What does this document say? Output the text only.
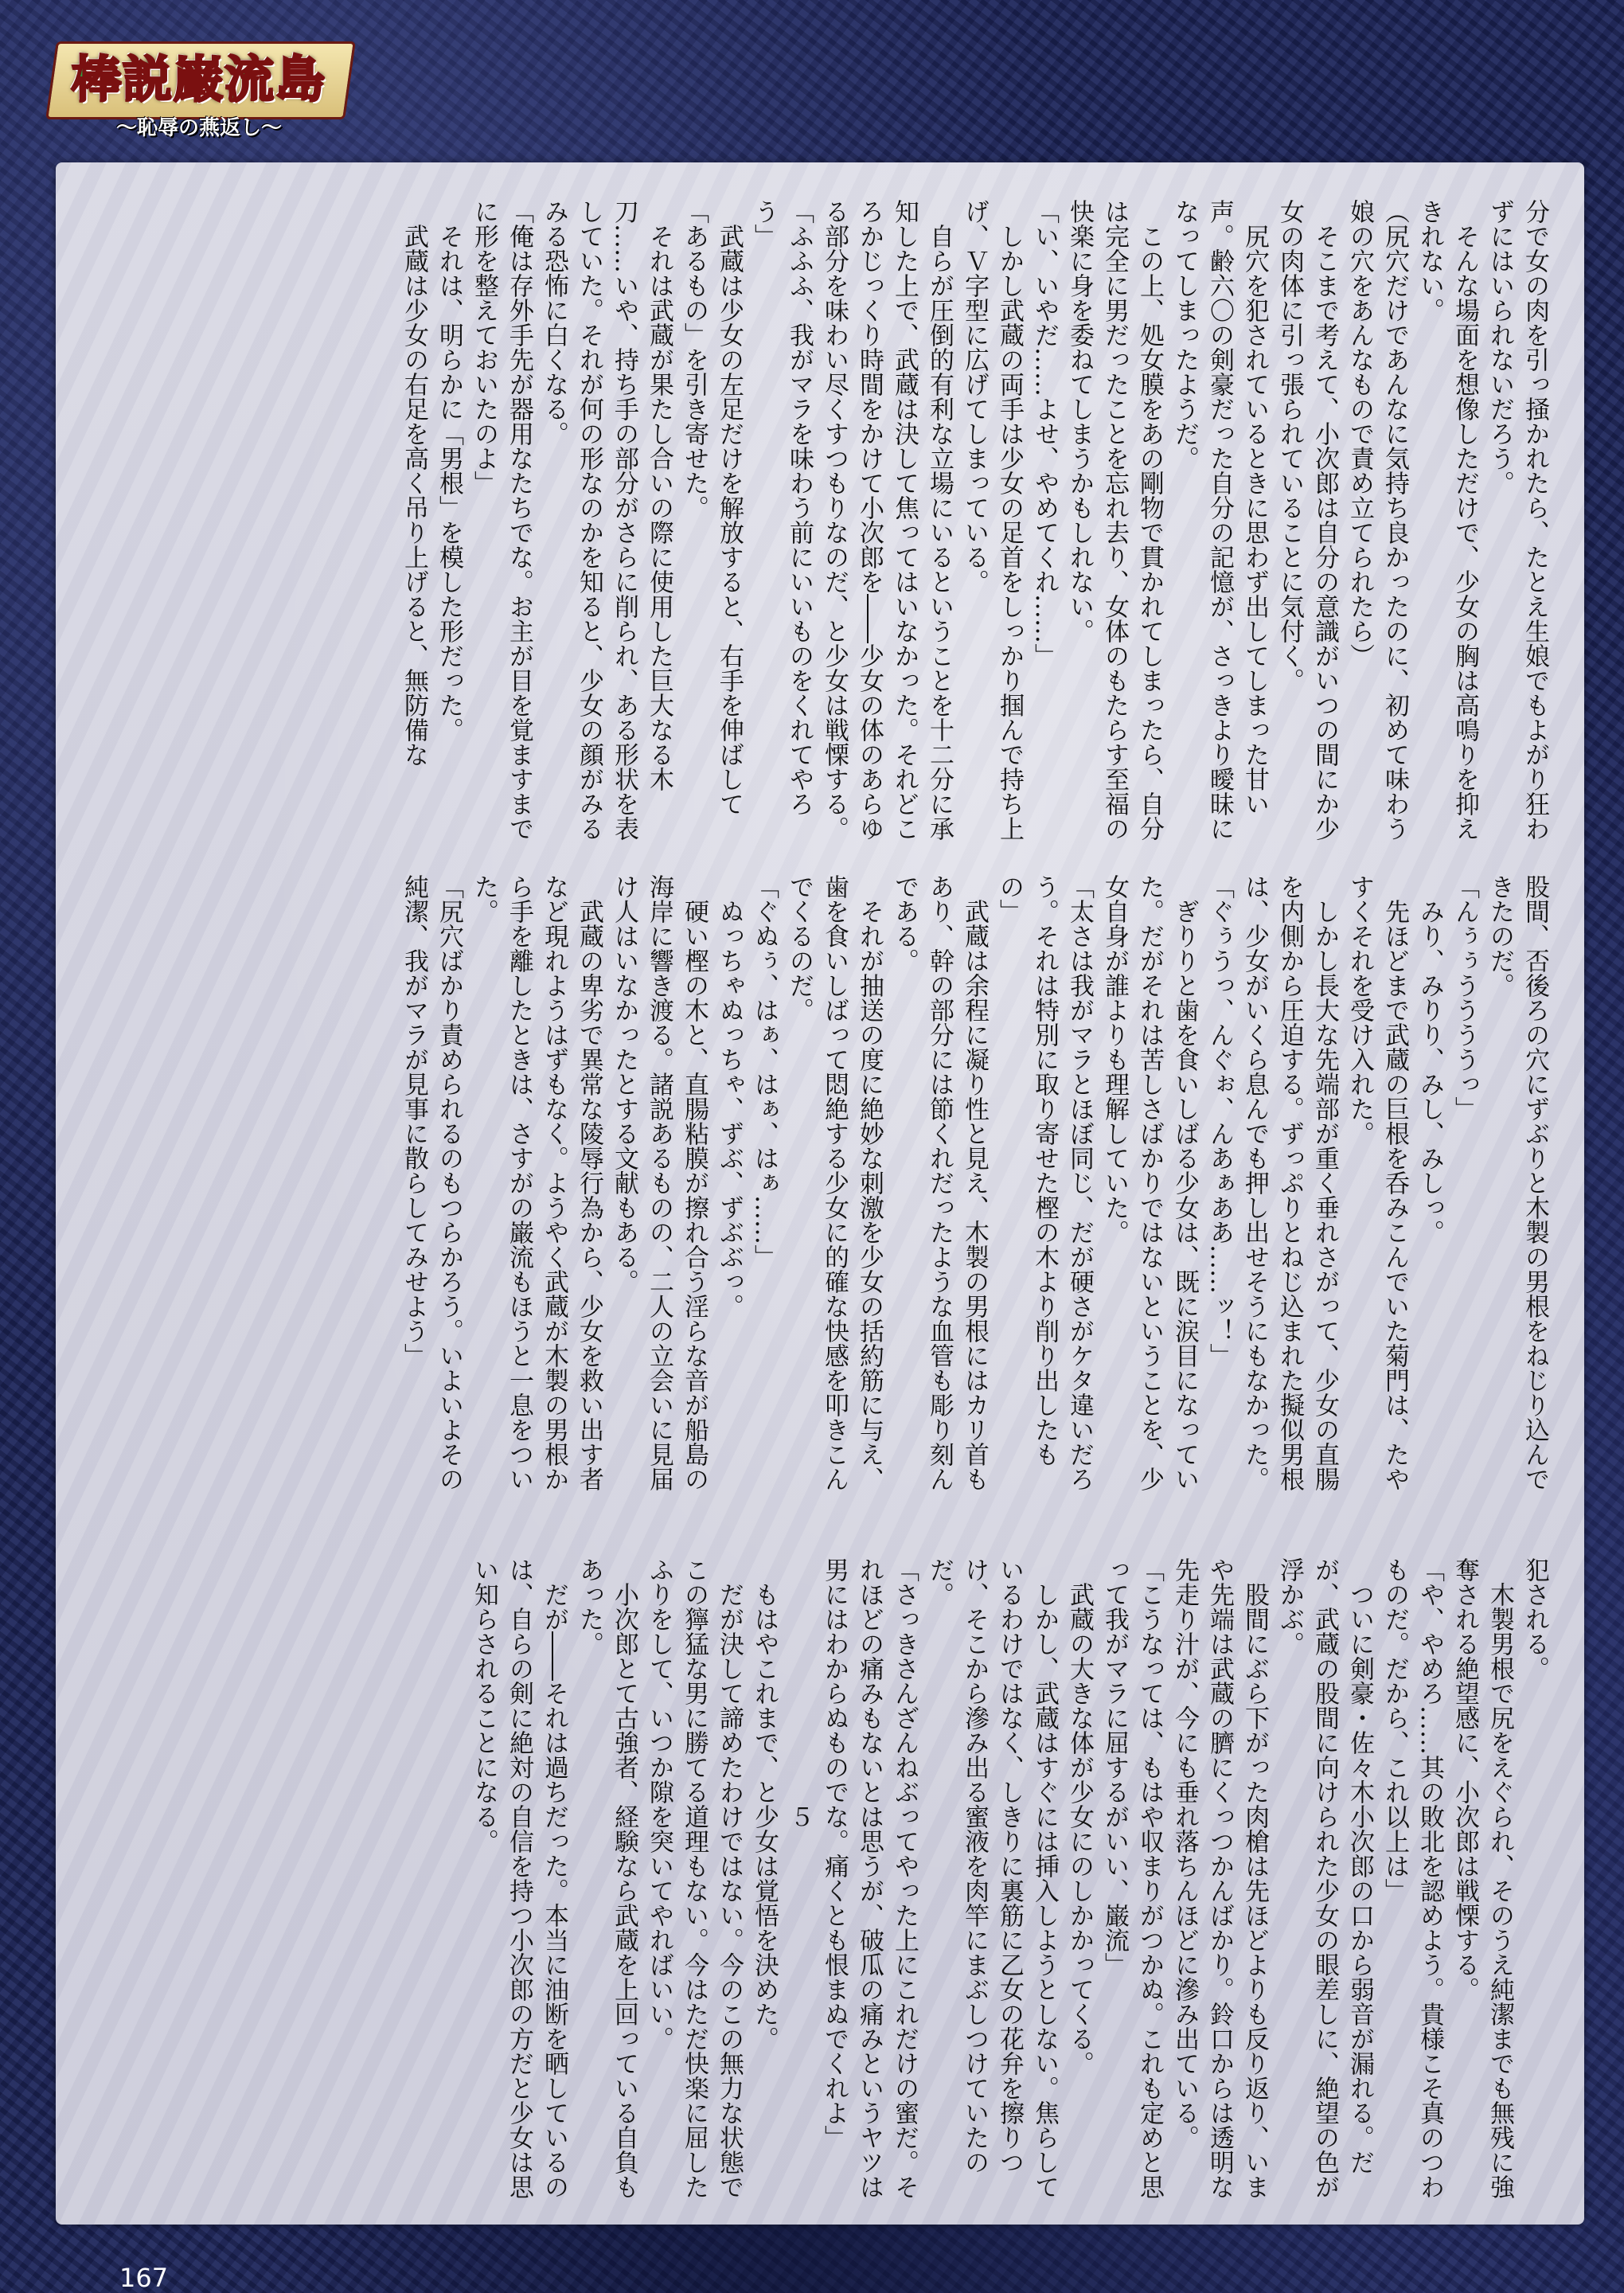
棒説巌流島
～恥辱の燕返し～
分で女の肉を引っ掻かれたら、たとえ生娘でもよがり狂わずにはいられないだろう。
　そんな場面を想像しただけで、少女の胸は高鳴りを抑えきれない。
（尻穴だけであんなに気持ち良かったのに、初めて味わう娘の穴をあんなもので責め立てられたら）
　そこまで考えて、小次郎は自分の意識がいつの間にか少女の肉体に引っ張られていることに気付く。
　尻穴を犯されているときに思わず出してしまった甘い声。齢六〇の剣豪だった自分の記憶が、さっきより曖昧になってしまったようだ。
　この上、処女膜をあの剛物で貫かれてしまったら、自分は完全に男だったことを忘れ去り、女体のもたらす至福の快楽に身を委ねてしまうかもしれない。
「い、いやだ……よせ、やめてくれ……」
　しかし武蔵の両手は少女の足首をしっかり掴んで持ち上げ、Ｖ字型に広げてしまっている。
　自らが圧倒的有利な立場にいるということを十二分に承知した上で、武蔵は決して焦ってはいなかった。それどころかじっくり時間をかけて小次郎を――少女の体のあらゆる部分を味わい尽くすつもりなのだ、と少女は戦慄する。
「ふふふ、我がマラを味わう前にいいものをくれてやろう」
　武蔵は少女の左足だけを解放すると、右手を伸ばして「あるもの」を引き寄せた。
　それは武蔵が果たし合いの際に使用した巨大なる木刀……いや、持ち手の部分がさらに削られ、ある形状を表していた。それが何の形なのかを知ると、少女の顔がみるみる恐怖に白くなる。
「俺は存外手先が器用なたちでな。お主が目を覚ますまでに形を整えておいたのよ」
　それは、明らかに「男根」を模した形だった。
　武蔵は少女の右足を高く吊り上げると、無防備な
股間、否後ろの穴にずぶりと木製の男根をねじり込んできたのだ。
「んぅぅううううっ」
　みり、みりり、みし、みしっ。
　先ほどまで武蔵の巨根を呑みこんでいた菊門は、たやすくそれを受け入れた。
　しかし長大な先端部が重く垂れさがって、少女の直腸を内側から圧迫する。ずっぷりとねじ込まれた擬似男根は、少女がいくら息んでも押し出せそうにもなかった。
「ぐぅうっ、んぐぉ、んあぁああ……ッ！」
　ぎりりと歯を食いしばる少女は、既に涙目になっていた。だがそれは苦しさばかりではないということを、少女自身が誰よりも理解していた。
「太さは我がマラとほぼ同じ、だが硬さがケタ違いだろう。それは特別に取り寄せた樫の木より削り出したもの」
　武蔵は余程に凝り性と見え、木製の男根にはカリ首もあり、幹の部分には節くれだったような血管も彫り刻んである。
　それが抽送の度に絶妙な刺激を少女の括約筋に与え、歯を食いしばって悶絶する少女に的確な快感を叩きこんでくるのだ。
「ぐぬぅ、はぁ、はぁ、はぁ……」
　ぬっちゃぬっちゃ、ずぶ、ずぶぶっ。
　硬い樫の木と、直腸粘膜が擦れ合う淫らな音が船島の海岸に響き渡る。諸説あるものの、二人の立会いに見届け人はいなかったとする文献もある。
　武蔵の卑劣で異常な陵辱行為から、少女を救い出す者など現れようはずもなく。ようやく武蔵が木製の男根から手を離したときは、さすがの巌流もほうと一息をついた。
「尻穴ばかり責められるのもつらかろう。いよいよその純潔、我がマラが見事に散らしてみせよう」
犯される。
　木製男根で尻をえぐられ、そのうえ純潔までも無残に強奪される絶望感に、小次郎は戦慄する。
「や、やめろ……其の敗北を認めよう。貴様こそ真のつわものだ。だから、これ以上は」
　ついに剣豪・佐々木小次郎の口から弱音が漏れる。だが、武蔵の股間に向けられた少女の眼差しに、絶望の色が浮かぶ。
　股間にぶら下がった肉槍は先ほどよりも反り返り、いまや先端は武蔵の臍にくっつかんばかり。鈴口からは透明な先走り汁が、今にも垂れ落ちんほどに滲み出ている。
「こうなっては、もはや収まりがつかぬ。これも定めと思って我がマラに屈するがいい、巌流」
　武蔵の大きな体が少女にのしかかってくる。
　しかし、武蔵はすぐには挿入しようとしない。焦らしているわけではなく、しきりに裏筋に乙女の花弁を擦りつけ、そこから滲み出る蜜液を肉竿にまぶしつけていたのだ。
「さっきさんざんねぶってやった上にこれだけの蜜だ。それほどの痛みもないとは思うが、破瓜の痛みというヤツは男にはわからぬものでな。痛くとも恨まぬでくれよ」
　　　　　　　　　　５
　もはやこれまで、と少女は覚悟を決めた。
　だが決して諦めたわけではない。今のこの無力な状態でこの獰猛な男に勝てる道理もない。今はただ快楽に屈したふりをして、いつか隙を突いてやればいい。
　小次郎とて古強者、経験なら武蔵を上回っている自負もあった。
　だが――それは過ちだった。本当に油断を晒しているのは、自らの剣に絶対の自信を持つ小次郎の方だと少女は思い知らされることになる。
167
